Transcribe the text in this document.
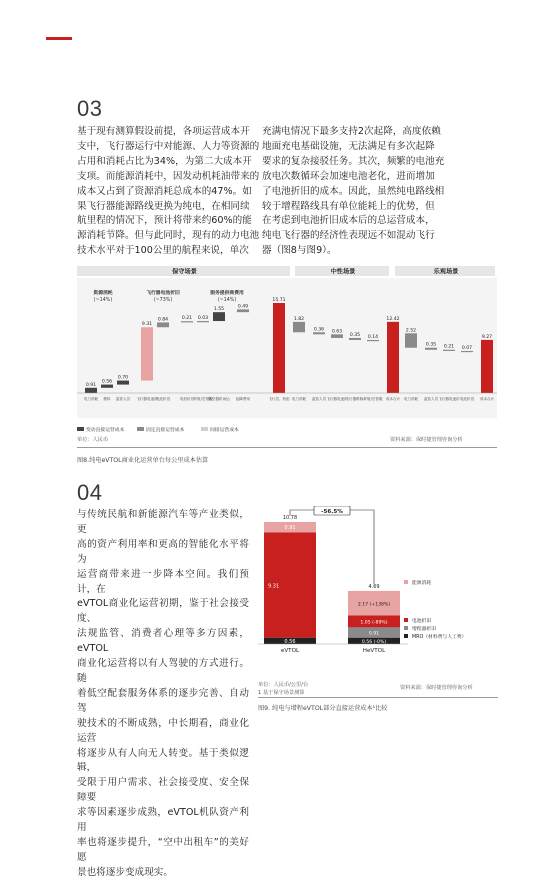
03
基于现有测算假设前提，各项运营成本开
支中，飞行器运行中对能源、人力等资源的
占用和消耗占比为34%，为第二大成本开
支项。而能源消耗中，因发动机耗油带来的
成本又占到了资源消耗总成本的47%。如
果飞行器能源路线更换为纯电，在相同续
航里程的情况下，预计将带来约60%的能
源消耗节降。但与此同时，现有的动力电池
技术水平对于100公里的航程来说，单次
充满电情况下最多支持2次起降，高度依赖
地面充电基础设施，无法满足有多次起降
要求的复杂接驳任务。其次，频繁的电池充
放电次数循环会加速电池老化，进而增加
了电池折旧的成本。因此，虽然纯电路线相
较于增程路线具有单位能耗上的优势，但
在考虑到电池折旧成本后的总运营成本，
纯电飞行器的经济性表现远不如混动飞行
器（图8与图9）。
保守场景	中性场景	乐观场景
资源消耗
(~14%)
飞行器电池折旧
(~73%)
服务提供商费用
(~14%)
0.91
0.56
0.70
9.31
0.84	0.21 0.03
1.55
0.49
15.71
1.82
0.36 0.63
0.35 0.14
12.42
2.52
0.35 0.21 0.07
9.27
电力消耗 燃料 监管人员 飞行器电池折
电池折旧	电机折旧 导航/空管服
航空器机场运 起降费用	飞行员、机组 电力消耗 监管人员 飞行器电池折
飞行器维修/
导航/空管服 成本合计 电力消耗 监管人员 飞行器电池折 电池折旧 成本合计
变动直接运营成本	固定直接运营成本	间接运营成本
单位：人民币	资料来源：保时捷管理咨询分析
图8.纯电eVTOL商业化运营单台每公里成本估算
04
与传统民航和新能源汽车等产业类似，更
高的资产利用率和更高的智能化水平将为
运营商带来进一步降本空间。我们预计，在
eVTOL商业化运营初期，鉴于社会接受度、
法规监管、消费者心理等多方因素，eVTOL
商业化运营将以有人驾驶的方式进行。随
着低空配套服务体系的逐步完善、自动驾
驶技术的不断成熟，中长期看，商业化运营
将逐步从有人向无人转变。基于类似逻辑，
受限于用户需求、社会接受度、安全保障要
求等因素逐步成熟，eVTOL机队资产利用
率也将逐步提升，“空中出租车”的美好愿
景也将逐步变成现实。
10.78
0.91
9.31
0.56
eVTOL
4.69
2.17 (+138%)
1.05 (-89%)
0.91
0.56 (-0%)
HeVTOL
-56.5%
能源消耗
电池折旧
增程器折旧
MRO（材料费与人工费）
单位：人民币/公里/台
1 基于保守场景测算
资料来源：保时捷管理咨询分析
图9. 纯电与增程eVTOL部分直接运营成本¹比较
